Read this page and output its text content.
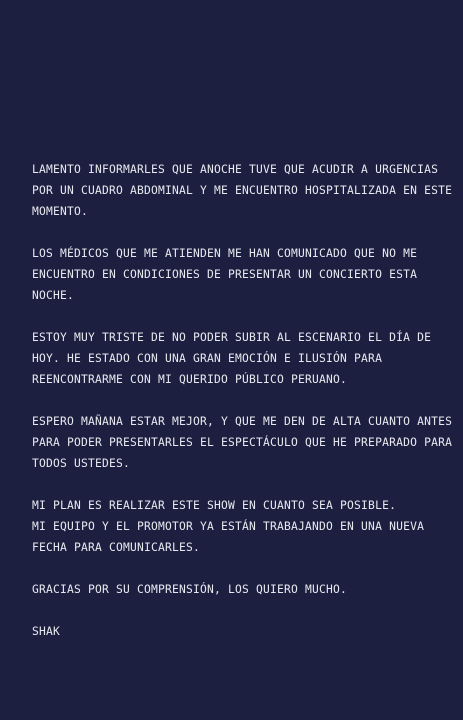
LAMENTO INFORMARLES QUE ANOCHE TUVE QUE ACUDIR A URGENCIAS
POR UN CUADRO ABDOMINAL Y ME ENCUENTRO HOSPITALIZADA EN ESTE
MOMENTO.

LOS MÉDICOS QUE ME ATIENDEN ME HAN COMUNICADO QUE NO ME
ENCUENTRO EN CONDICIONES DE PRESENTAR UN CONCIERTO ESTA
NOCHE.

ESTOY MUY TRISTE DE NO PODER SUBIR AL ESCENARIO EL DÍA DE
HOY. HE ESTADO CON UNA GRAN EMOCIÓN E ILUSIÓN PARA
REENCONTRARME CON MI QUERIDO PÚBLICO PERUANO.

ESPERO MAÑANA ESTAR MEJOR, Y QUE ME DEN DE ALTA CUANTO ANTES
PARA PODER PRESENTARLES EL ESPECTÁCULO QUE HE PREPARADO PARA
TODOS USTEDES.

MI PLAN ES REALIZAR ESTE SHOW EN CUANTO SEA POSIBLE.
MI EQUIPO Y EL PROMOTOR YA ESTÁN TRABAJANDO EN UNA NUEVA
FECHA PARA COMUNICARLES.

GRACIAS POR SU COMPRENSIÓN, LOS QUIERO MUCHO.

SHAK
